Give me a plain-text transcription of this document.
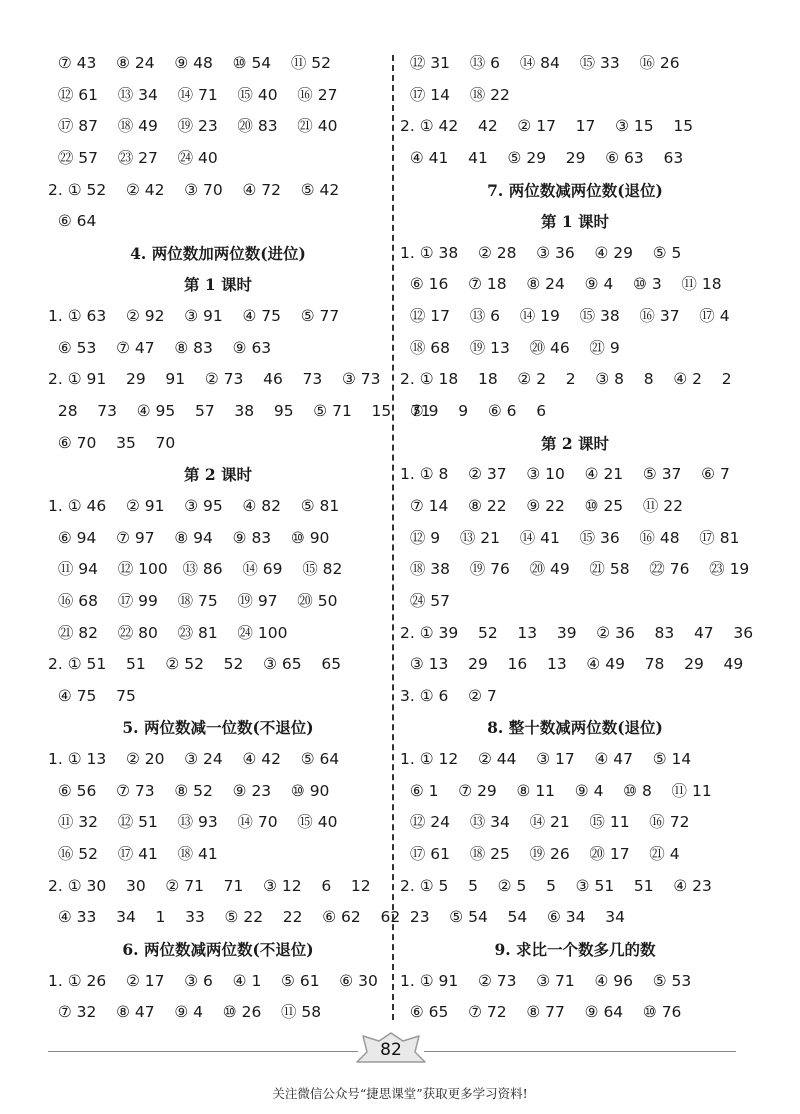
⑦ 43    ⑧ 24    ⑨ 48    ⑩ 54    ⑪ 52
⑫ 61    ⑬ 34    ⑭ 71    ⑮ 40    ⑯ 27
⑰ 87    ⑱ 49    ⑲ 23    ⑳ 83    ㉑ 40
㉒ 57    ㉓ 27    ㉔ 40
2. ① 52    ② 42    ③ 70    ④ 72    ⑤ 42
⑥ 64
4. 两位数加两位数(进位)
第 1 课时
1. ① 63    ② 92    ③ 91    ④ 75    ⑤ 77
⑥ 53    ⑦ 47    ⑧ 83    ⑨ 63
2. ① 91    29    91    ② 73    46    73    ③ 73
28    73    ④ 95    57    38    95    ⑤ 71    15    71
⑥ 70    35    70
第 2 课时
1. ① 46    ② 91    ③ 95    ④ 82    ⑤ 81
⑥ 94    ⑦ 97    ⑧ 94    ⑨ 83    ⑩ 90
⑪ 94    ⑫ 100   ⑬ 86    ⑭ 69    ⑮ 82
⑯ 68    ⑰ 99    ⑱ 75    ⑲ 97    ⑳ 50
㉑ 82    ㉒ 80    ㉓ 81    ㉔ 100
2. ① 51    51    ② 52    52    ③ 65    65
④ 75    75
5. 两位数减一位数(不退位)
1. ① 13    ② 20    ③ 24    ④ 42    ⑤ 64
⑥ 56    ⑦ 73    ⑧ 52    ⑨ 23    ⑩ 90
⑪ 32    ⑫ 51    ⑬ 93    ⑭ 70    ⑮ 40
⑯ 52    ⑰ 41    ⑱ 41
2. ① 30    30    ② 71    71    ③ 12    6    12
④ 33    34    1    33    ⑤ 22    22    ⑥ 62    62
6. 两位数减两位数(不退位)
1. ① 26    ② 17    ③ 6    ④ 1    ⑤ 61    ⑥ 30
⑦ 32    ⑧ 47    ⑨ 4    ⑩ 26    ⑪ 58
⑫ 31    ⑬ 6    ⑭ 84    ⑮ 33    ⑯ 26
⑰ 14    ⑱ 22
2. ① 42    42    ② 17    17    ③ 15    15
④ 41    41    ⑤ 29    29    ⑥ 63    63
7. 两位数减两位数(退位)
第 1 课时
1. ① 38    ② 28    ③ 36    ④ 29    ⑤ 5
⑥ 16    ⑦ 18    ⑧ 24    ⑨ 4    ⑩ 3    ⑪ 18
⑫ 17    ⑬ 6    ⑭ 19    ⑮ 38    ⑯ 37    ⑰ 4
⑱ 68    ⑲ 13    ⑳ 46    ㉑ 9
2. ① 18    18    ② 2    2    ③ 8    8    ④ 2    2
⑤ 9    9    ⑥ 6    6
第 2 课时
1. ① 8    ② 37    ③ 10    ④ 21    ⑤ 37    ⑥ 7
⑦ 14    ⑧ 22    ⑨ 22    ⑩ 25    ⑪ 22
⑫ 9    ⑬ 21    ⑭ 41    ⑮ 36    ⑯ 48    ⑰ 81
⑱ 38    ⑲ 76    ⑳ 49    ㉑ 58    ㉒ 76    ㉓ 19
㉔ 57
2. ① 39    52    13    39    ② 36    83    47    36
③ 13    29    16    13    ④ 49    78    29    49
3. ① 6    ② 7
8. 整十数减两位数(退位)
1. ① 12    ② 44    ③ 17    ④ 47    ⑤ 14
⑥ 1    ⑦ 29    ⑧ 11    ⑨ 4    ⑩ 8    ⑪ 11
⑫ 24    ⑬ 34    ⑭ 21    ⑮ 11    ⑯ 72
⑰ 61    ⑱ 25    ⑲ 26    ⑳ 17    ㉑ 4
2. ① 5    5    ② 5    5    ③ 51    51    ④ 23
23    ⑤ 54    54    ⑥ 34    34
9. 求比一个数多几的数
1. ① 91    ② 73    ③ 71    ④ 96    ⑤ 53
⑥ 65    ⑦ 72    ⑧ 77    ⑨ 64    ⑩ 76
82
关注微信公众号“捷思课堂”获取更多学习资料!
